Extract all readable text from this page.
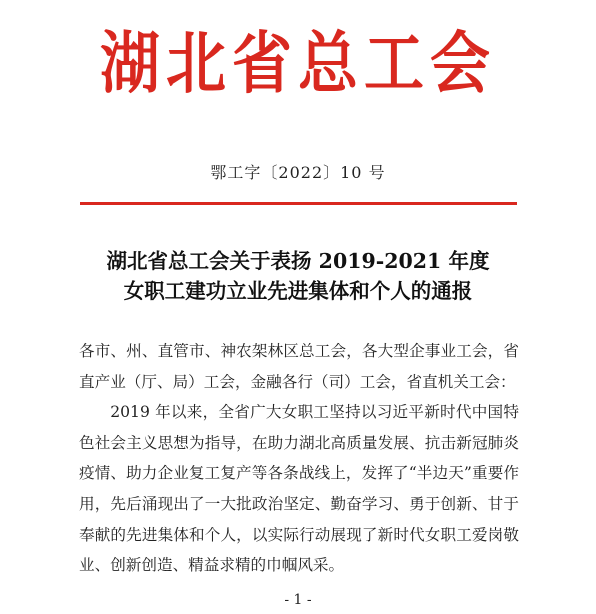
湖北省总工会
鄂工字〔2022〕10 号
湖北省总工会关于表扬 2019-2021 年度
女职工建功立业先进集体和个人的通报

各市、州、直管市、神农架林区总工会，各大型企事业工会，省直产业（厅、局）工会，金融各行（司）工会，省直机关工会：

2019 年以来，全省广大女职工坚持以习近平新时代中国特色社会主义思想为指导，在助力湖北高质量发展、抗击新冠肺炎疫情、助力企业复工复产等各条战线上，发挥了“半边天”重要作用，先后涌现出了一大批政治坚定、勤奋学习、勇于创新、甘于奉献的先进集体和个人，以实际行动展现了新时代女职工爱岗敬业、创新创造、精益求精的巾帼风采。

- 1 -
